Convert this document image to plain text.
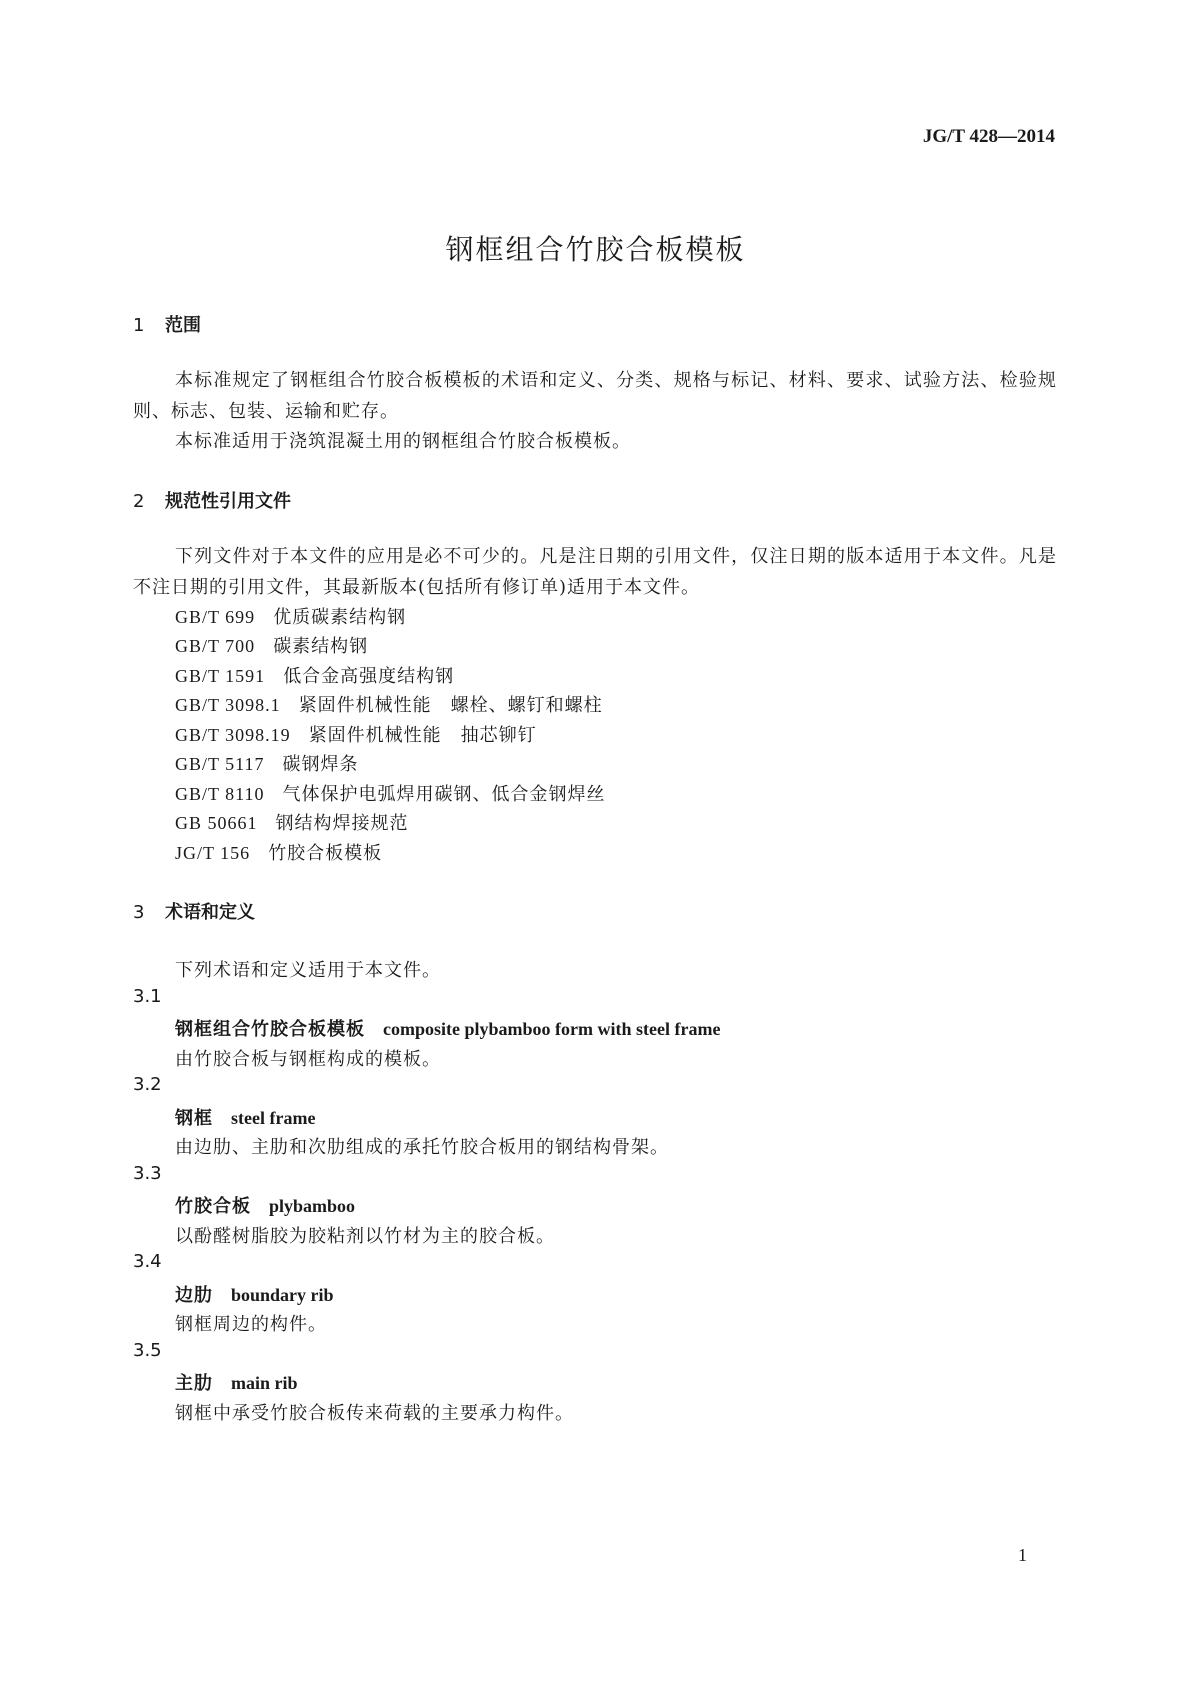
JG/T 428—2014
钢框组合竹胶合板模板
1 范围
本标准规定了钢框组合竹胶合板模板的术语和定义、分类、规格与标记、材料、要求、试验方法、检验规则、标志、包装、运输和贮存。
本标准适用于浇筑混凝土用的钢框组合竹胶合板模板。
2 规范性引用文件
下列文件对于本文件的应用是必不可少的。凡是注日期的引用文件，仅注日期的版本适用于本文件。凡是不注日期的引用文件，其最新版本(包括所有修订单)适用于本文件。
GB/T 699 优质碳素结构钢
GB/T 700 碳素结构钢
GB/T 1591 低合金高强度结构钢
GB/T 3098.1 紧固件机械性能　螺栓、螺钉和螺柱
GB/T 3098.19 紧固件机械性能　抽芯铆钉
GB/T 5117 碳钢焊条
GB/T 8110 气体保护电弧焊用碳钢、低合金钢焊丝
GB 50661 钢结构焊接规范
JG/T 156 竹胶合板模板
3 术语和定义
下列术语和定义适用于本文件。
3.1
钢框组合竹胶合板模板 composite plybamboo form with steel frame
由竹胶合板与钢框构成的模板。
3.2
钢框 steel frame
由边肋、主肋和次肋组成的承托竹胶合板用的钢结构骨架。
3.3
竹胶合板 plybamboo
以酚醛树脂胶为胶粘剂以竹材为主的胶合板。
3.4
边肋 boundary rib
钢框周边的构件。
3.5
主肋 main rib
钢框中承受竹胶合板传来荷载的主要承力构件。
1
